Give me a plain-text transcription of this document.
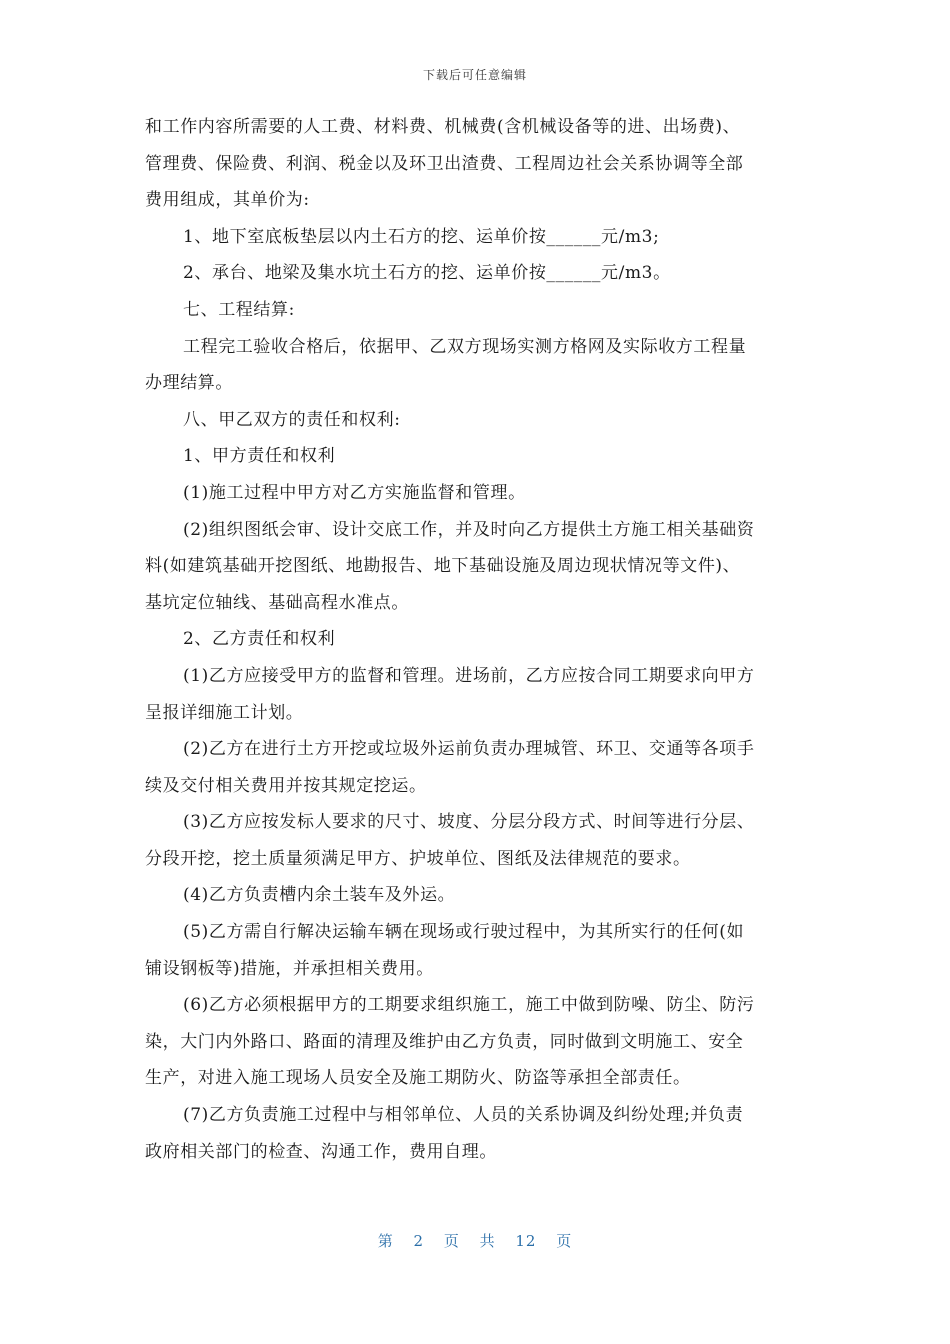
下载后可任意编辑
和工作内容所需要的人工费、材料费、机械费(含机械设备等的进、出场费)、
管理费、保险费、利润、税金以及环卫出渣费、工程周边社会关系协调等全部
费用组成，其单价为:
1、地下室底板垫层以内土石方的挖、运单价按______元/m3;
2、承台、地梁及集水坑土石方的挖、运单价按______元/m3。
七、工程结算:
工程完工验收合格后，依据甲、乙双方现场实测方格网及实际收方工程量
办理结算。
八、甲乙双方的责任和权利:
1、甲方责任和权利
(1)施工过程中甲方对乙方实施监督和管理。
(2)组织图纸会审、设计交底工作，并及时向乙方提供土方施工相关基础资
料(如建筑基础开挖图纸、地勘报告、地下基础设施及周边现状情况等文件)、
基坑定位轴线、基础高程水准点。
2、乙方责任和权利
(1)乙方应接受甲方的监督和管理。进场前，乙方应按合同工期要求向甲方
呈报详细施工计划。
(2)乙方在进行土方开挖或垃圾外运前负责办理城管、环卫、交通等各项手
续及交付相关费用并按其规定挖运。
(3)乙方应按发标人要求的尺寸、坡度、分层分段方式、时间等进行分层、
分段开挖，挖土质量须满足甲方、护坡单位、图纸及法律规范的要求。
(4)乙方负责槽内余土装车及外运。
(5)乙方需自行解决运输车辆在现场或行驶过程中，为其所实行的任何(如
铺设钢板等)措施，并承担相关费用。
(6)乙方必须根据甲方的工期要求组织施工，施工中做到防噪、防尘、防污
染，大门内外路口、路面的清理及维护由乙方负责，同时做到文明施工、安全
生产，对进入施工现场人员安全及施工期防火、防盗等承担全部责任。
(7)乙方负责施工过程中与相邻单位、人员的关系协调及纠纷处理;并负责
政府相关部门的检查、沟通工作，费用自理。
第 2 页 共 12 页
